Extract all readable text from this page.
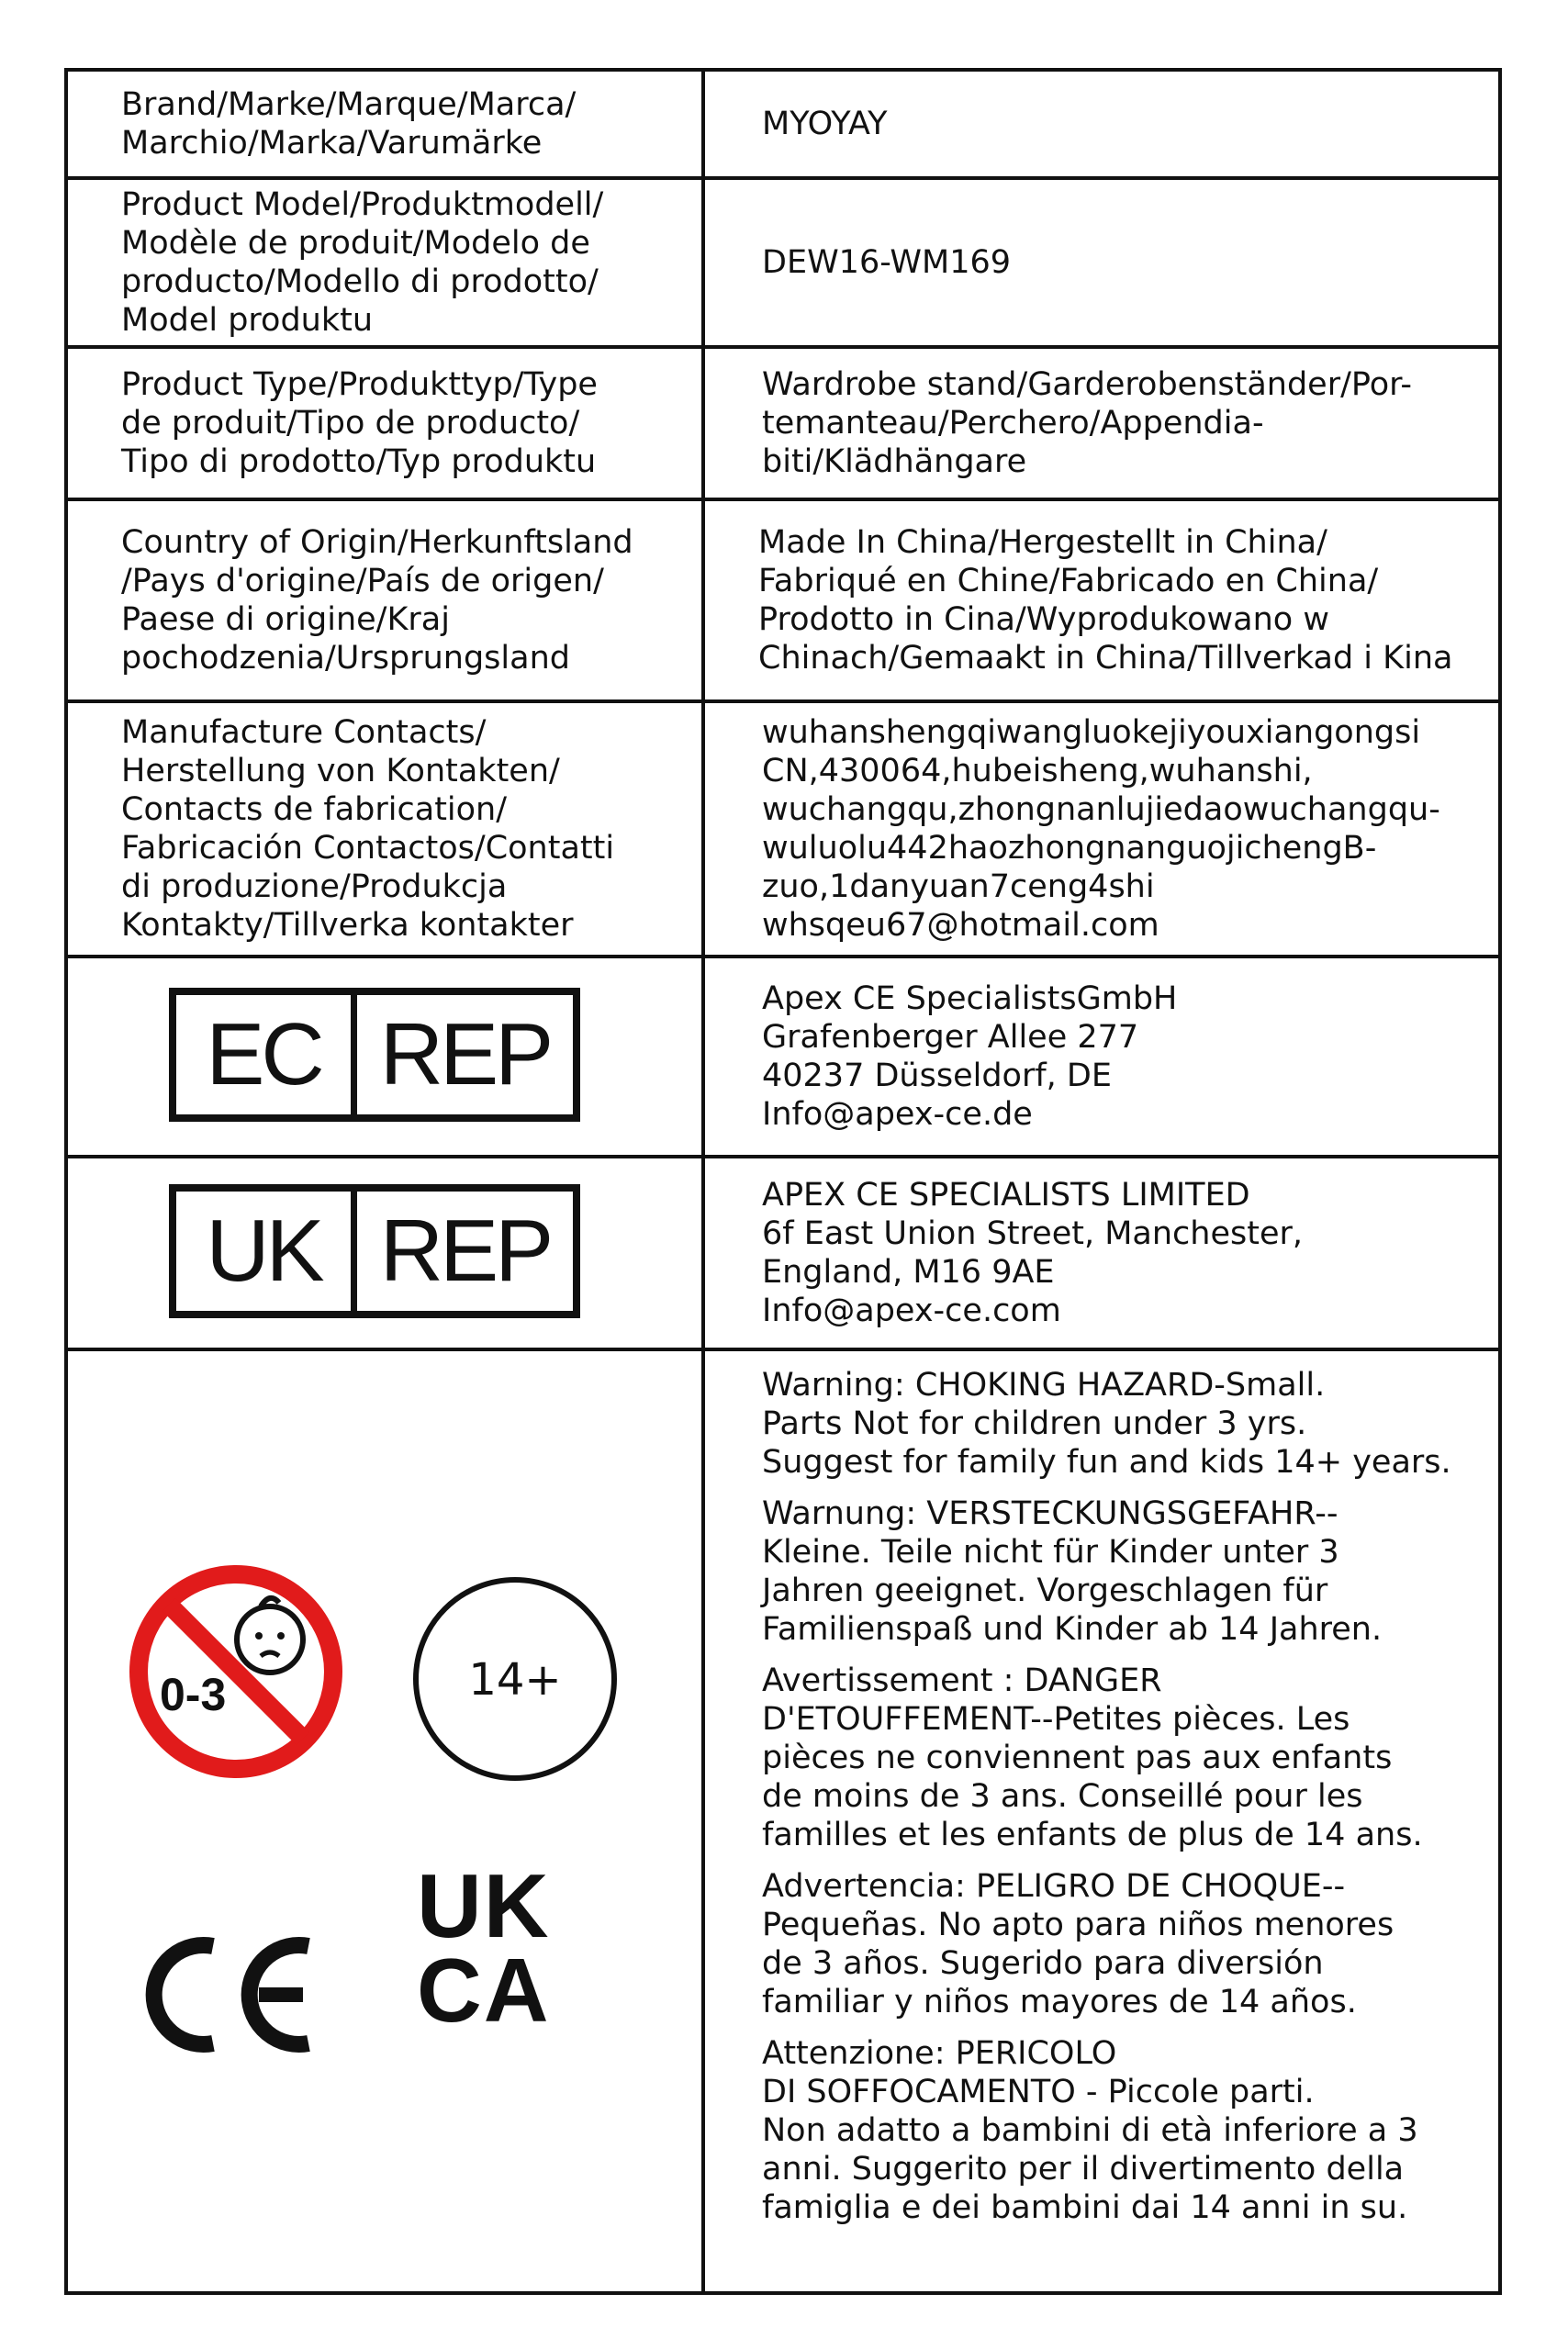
Brand/Marke/Marque/Marca/
Marchio/Marka/Varumärke
MYOYAY
Product Model/Produktmodell/
Modèle de produit/Modelo de
producto/Modello di prodotto/
Model produktu
DEW16-WM169
Product Type/Produkttyp/Type
de produit/Tipo de producto/
Tipo di prodotto/Typ produktu
Wardrobe stand/Garderobenständer/Por-
temanteau/Perchero/Appendia-
biti/Klädhängare
Country of Origin/Herkunftsland
/Pays d'origine/País de origen/
Paese di origine/Kraj
pochodzenia/Ursprungsland
Made In China/Hergestellt in China/
Fabriqué en Chine/Fabricado en China/
Prodotto in Cina/Wyprodukowano w
Chinach/Gemaakt in China/Tillverkad i Kina
Manufacture Contacts/
Herstellung von Kontakten/
Contacts de fabrication/
Fabricación Contactos/Contatti
di produzione/Produkcja
Kontakty/Tillverka kontakter
wuhanshengqiwangluokejiyouxiangongsi
CN,430064,hubeisheng,wuhanshi,
wuchangqu,zhongnanlujiedaowuchangqu-
wuluolu442haozhongnanguojichengB-
zuo,1danyuan7ceng4shi
whsqeu67@hotmail.com
EC REP
Apex CE SpecialistsGmbH
Grafenberger Allee 277
40237 Düsseldorf, DE
Info@apex-ce.de
UK REP
APEX CE SPECIALISTS LIMITED
6f East Union Street, Manchester,
England, M16 9AE
Info@apex-ce.com
0-3	14+
UK
CA

Warning: CHOKING HAZARD-Small.
Parts Not for children under 3 yrs.
Suggest for family fun and kids 14+ years.

Warnung: VERSTECKUNGSGEFAHR--
Kleine. Teile nicht für Kinder unter 3
Jahren geeignet. Vorgeschlagen für
Familienspaß und Kinder ab 14 Jahren.

Avertissement : DANGER
D'ETOUFFEMENT--Petites pièces. Les
pièces ne conviennent pas aux enfants
de moins de 3 ans. Conseillé pour les
familles et les enfants de plus de 14 ans.

Advertencia: PELIGRO DE CHOQUE--
Pequeñas. No apto para niños menores
de 3 años. Sugerido para diversión
familiar y niños mayores de 14 años.

Attenzione: PERICOLO
DI SOFFOCAMENTO - Piccole parti.
Non adatto a bambini di età inferiore a 3
anni. Suggerito per il divertimento della
famiglia e dei bambini dai 14 anni in su.
